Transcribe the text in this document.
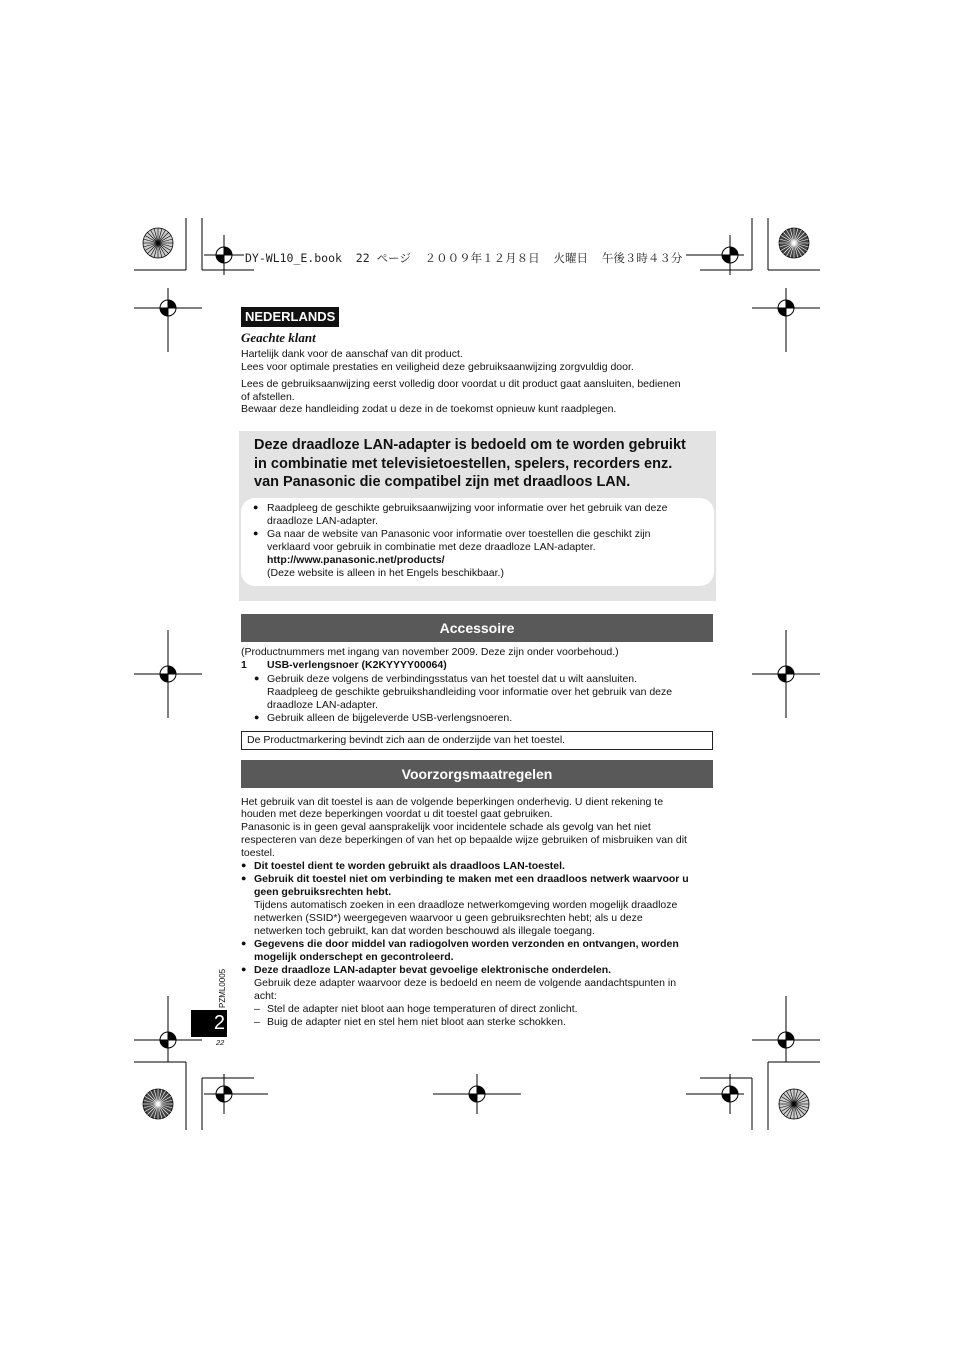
DY-WL10_E.book  22 ページ  ２００９年１２月８日  火曜日  午後３時４３分
NEDERLANDS
Geachte klant
Hartelijk dank voor de aanschaf van dit product.
Lees voor optimale prestaties en veiligheid deze gebruiksaanwijzing zorgvuldig door.
Lees de gebruiksaanwijzing eerst volledig door voordat u dit product gaat aansluiten, bedienen
of afstellen.
Bewaar deze handleiding zodat u deze in de toekomst opnieuw kunt raadplegen.
Deze draadloze LAN-adapter is bedoeld om te worden gebruikt
in combinatie met televisietoestellen, spelers, recorders enz.
van Panasonic die compatibel zijn met draadloos LAN.
● Raadpleeg de geschikte gebruiksaanwijzing voor informatie over het gebruik van deze
draadloze LAN-adapter.
● Ga naar de website van Panasonic voor informatie over toestellen die geschikt zijn
verklaard voor gebruik in combinatie met deze draadloze LAN-adapter.
http://www.panasonic.net/products/
(Deze website is alleen in het Engels beschikbaar.)
Accessoire
(Productnummers met ingang van november 2009. Deze zijn onder voorbehoud.)
1 USB-verlengsnoer (K2KYYYY00064)
● Gebruik deze volgens de verbindingsstatus van het toestel dat u wilt aansluiten.
Raadpleeg de geschikte gebruikshandleiding voor informatie over het gebruik van deze
draadloze LAN-adapter.
● Gebruik alleen de bijgeleverde USB-verlengsnoeren.
De Productmarkering bevindt zich aan de onderzijde van het toestel.
Voorzorgsmaatregelen
Het gebruik van dit toestel is aan de volgende beperkingen onderhevig. U dient rekening te
houden met deze beperkingen voordat u dit toestel gaat gebruiken.
Panasonic is in geen geval aansprakelijk voor incidentele schade als gevolg van het niet
respecteren van deze beperkingen of van het op bepaalde wijze gebruiken of misbruiken van dit
toestel.
● Dit toestel dient te worden gebruikt als draadloos LAN-toestel.
● Gebruik dit toestel niet om verbinding te maken met een draadloos netwerk waarvoor u
geen gebruiksrechten hebt.
Tijdens automatisch zoeken in een draadloze netwerkomgeving worden mogelijk draadloze
netwerken (SSID*) weergegeven waarvoor u geen gebruiksrechten hebt; als u deze
netwerken toch gebruikt, kan dat worden beschouwd als illegale toegang.
● Gegevens die door middel van radiogolven worden verzonden en ontvangen, worden
mogelijk onderschept en gecontroleerd.
● Deze draadloze LAN-adapter bevat gevoelige elektronische onderdelen.
Gebruik deze adapter waarvoor deze is bedoeld en neem de volgende aandachtspunten in
acht:
– Stel de adapter niet bloot aan hoge temperaturen of direct zonlicht.
– Buig de adapter niet en stel hem niet bloot aan sterke schokken.
PZML0005
2
22
